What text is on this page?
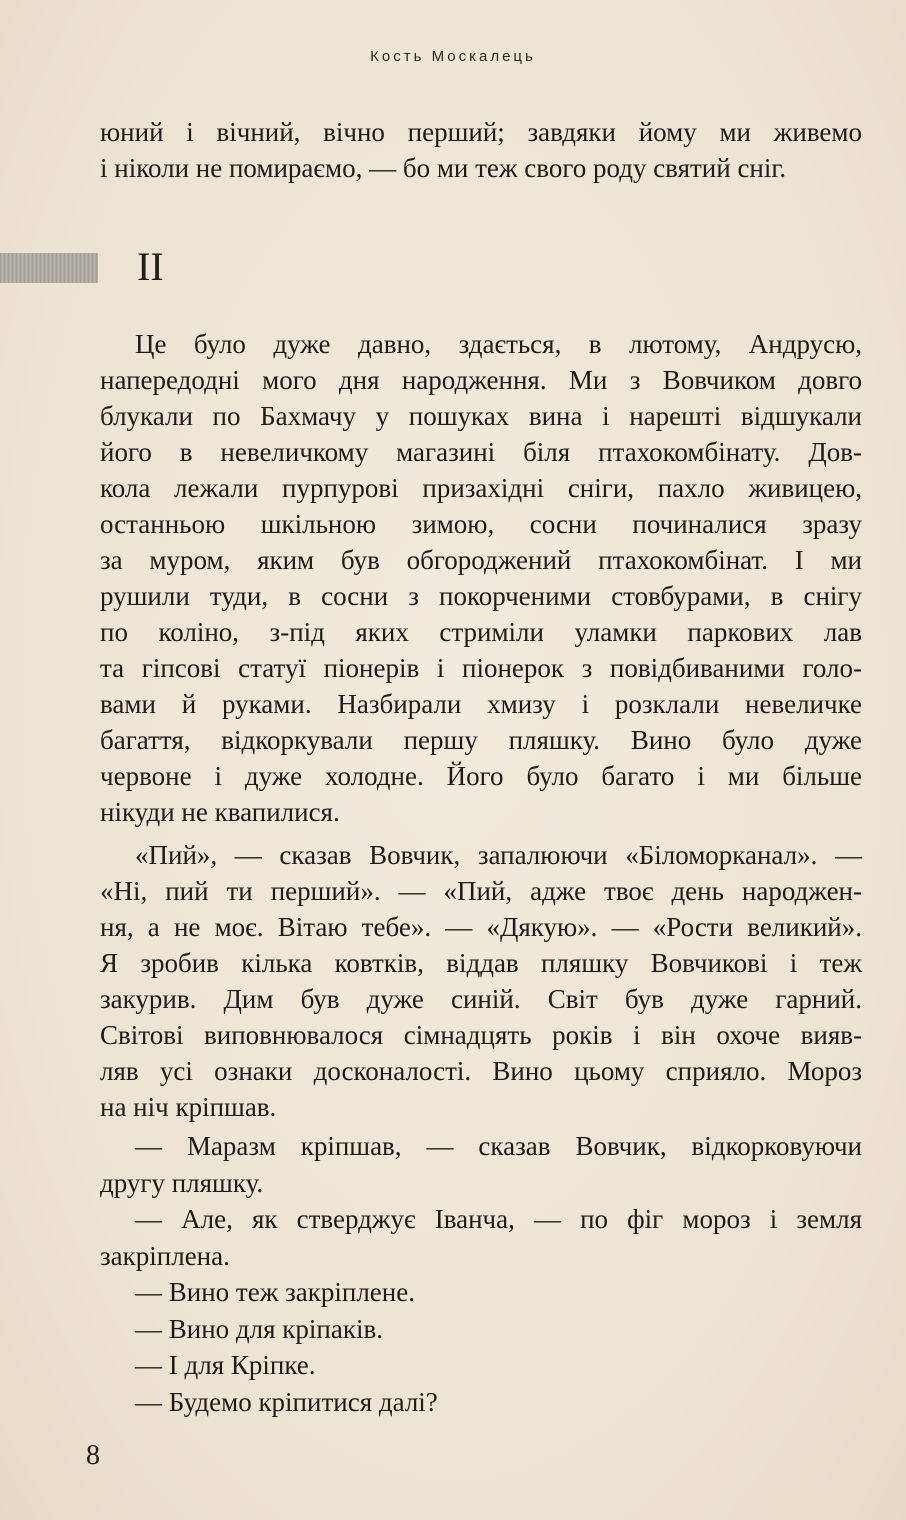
Кость Москалець
юний і вічний, вічно перший; завдяки йому ми живемо
і ніколи не помираємо, — бо ми теж свого роду святий сніг.
II
Це було дуже давно, здається, в лютому, Андрусю,
напередодні мого дня народження. Ми з Вовчиком довго
блукали по Бахмачу у пошуках вина і нарешті відшукали
його в невеличкому магазині біля птахокомбінату. Дов-
кола лежали пурпурові призахідні сніги, пахло живицею,
останньою шкільною зимою, сосни починалися зразу
за муром, яким був обгороджений птахокомбінат. І ми
рушили туди, в сосни з покорченими стовбурами, в снігу
по коліно, з-під яких стриміли уламки паркових лав
та гіпсові статуї піонерів і піонерок з повідбиваними голо-
вами й руками. Назбирали хмизу і розклали невеличке
багаття, відкоркували першу пляшку. Вино було дуже
червоне і дуже холодне. Його було багато і ми більше
нікуди не квапилися.
«Пий», — сказав Вовчик, запалюючи «Біломорканал». —
«Ні, пий ти перший». — «Пий, адже твоє день народжен-
ня, а не моє. Вітаю тебе». — «Дякую». — «Рости великий».
Я зробив кілька ковтків, віддав пляшку Вовчикові і теж
закурив. Дим був дуже синій. Світ був дуже гарний.
Світові виповнювалося сімнадцять років і він охоче вияв-
ляв усі ознаки досконалості. Вино цьому сприяло. Мороз
на ніч кріпшав.
— Маразм кріпшав, — сказав Вовчик, відкорковуючи
другу пляшку.
— Але, як стверджує Іванча, — по фіг мороз і земля
закріплена.
— Вино теж закріплене.
— Вино для кріпаків.
— І для Кріпке.
— Будемо кріпитися далі?
8
